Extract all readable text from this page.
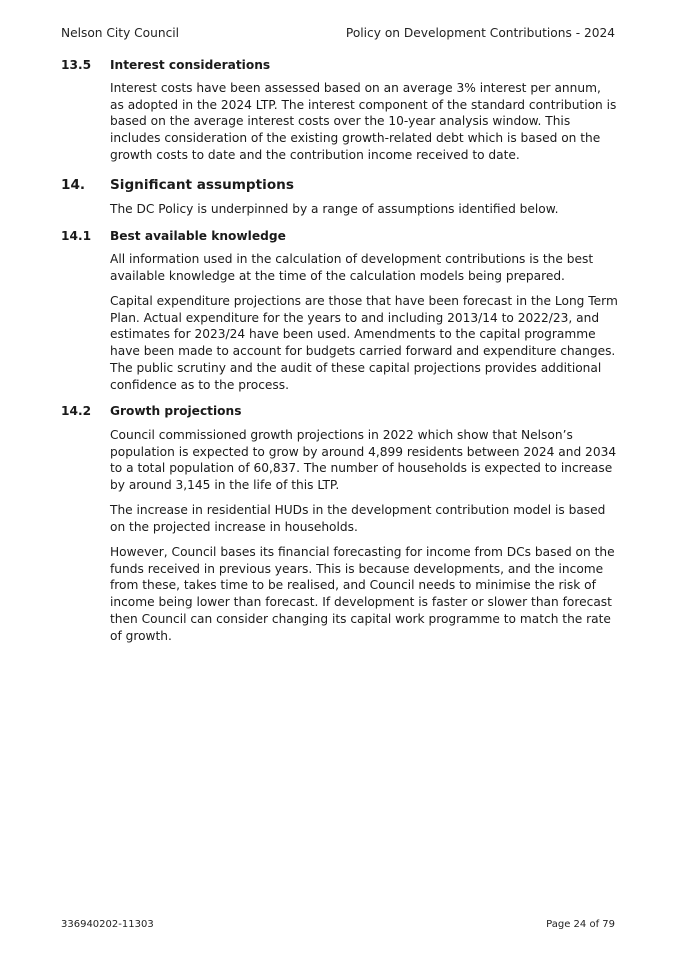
Nelson City Council	Policy on Development Contributions - 2024
13.5 Interest considerations

Interest costs have been assessed based on an average 3% interest per annum, as adopted in the 2024 LTP. The interest component of the standard contribution is based on the average interest costs over the 10-year analysis window. This includes consideration of the existing growth-related debt which is based on the growth costs to date and the contribution income received to date.

14. Significant assumptions

The DC Policy is underpinned by a range of assumptions identified below.

14.1 Best available knowledge

All information used in the calculation of development contributions is the best available knowledge at the time of the calculation models being prepared.

Capital expenditure projections are those that have been forecast in the Long Term Plan. Actual expenditure for the years to and including 2013/14 to 2022/23, and estimates for 2023/24 have been used. Amendments to the capital programme have been made to account for budgets carried forward and expenditure changes. The public scrutiny and the audit of these capital projections provides additional confidence as to the process.

14.2 Growth projections

Council commissioned growth projections in 2022 which show that Nelson’s population is expected to grow by around 4,899 residents between 2024 and 2034 to a total population of 60,837. The number of households is expected to increase by around 3,145 in the life of this LTP.

The increase in residential HUDs in the development contribution model is based on the projected increase in households.

However, Council bases its financial forecasting for income from DCs based on the funds received in previous years. This is because developments, and the income from these, takes time to be realised, and Council needs to minimise the risk of income being lower than forecast. If development is faster or slower than forecast then Council can consider changing its capital work programme to match the rate of growth.

336940202-11303	Page 24 of 79
